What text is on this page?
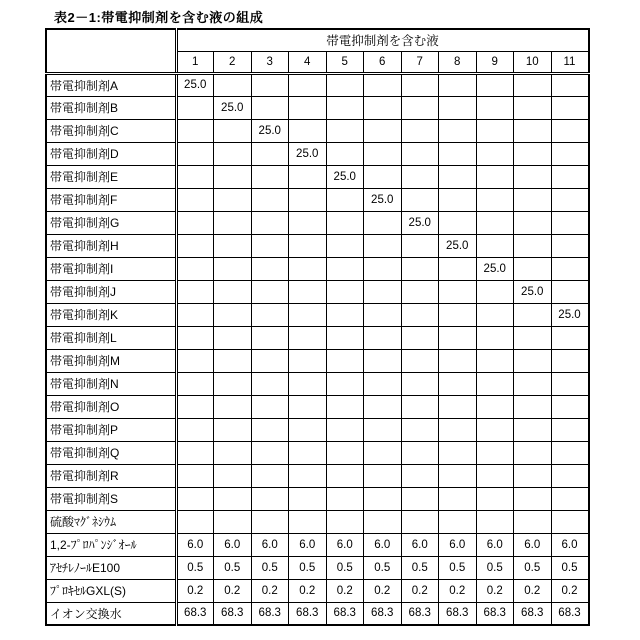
表2－1:帯電抑制剤を含む液の組成
	帯電抑制剤を含む液										
	1	2	3	4	5	6	7	8	9	10	11
帯電抑制剤A	25.0										
帯電抑制剤B		25.0									
帯電抑制剤C			25.0								
帯電抑制剤D				25.0							
帯電抑制剤E					25.0						
帯電抑制剤F						25.0					
帯電抑制剤G							25.0				
帯電抑制剤H								25.0			
帯電抑制剤I									25.0		
帯電抑制剤J										25.0	
帯電抑制剤K											25.0
帯電抑制剤L											
帯電抑制剤M											
帯電抑制剤N											
帯電抑制剤O											
帯電抑制剤P											
帯電抑制剤Q											
帯電抑制剤R											
帯電抑制剤S											
硫酸ﾏｸﾞﾈｼｳﾑ											
1,2-ﾌﾟﾛﾊﾟﾝｼﾞｵｰﾙ	6.0	6.0	6.0	6.0	6.0	6.0	6.0	6.0	6.0	6.0	6.0
ｱｾﾁﾚﾉｰﾙE100	0.5	0.5	0.5	0.5	0.5	0.5	0.5	0.5	0.5	0.5	0.5
ﾌﾟﾛｷｾﾙGXL(S)	0.2	0.2	0.2	0.2	0.2	0.2	0.2	0.2	0.2	0.2	0.2
イオン交換水	68.3	68.3	68.3	68.3	68.3	68.3	68.3	68.3	68.3	68.3	68.3
